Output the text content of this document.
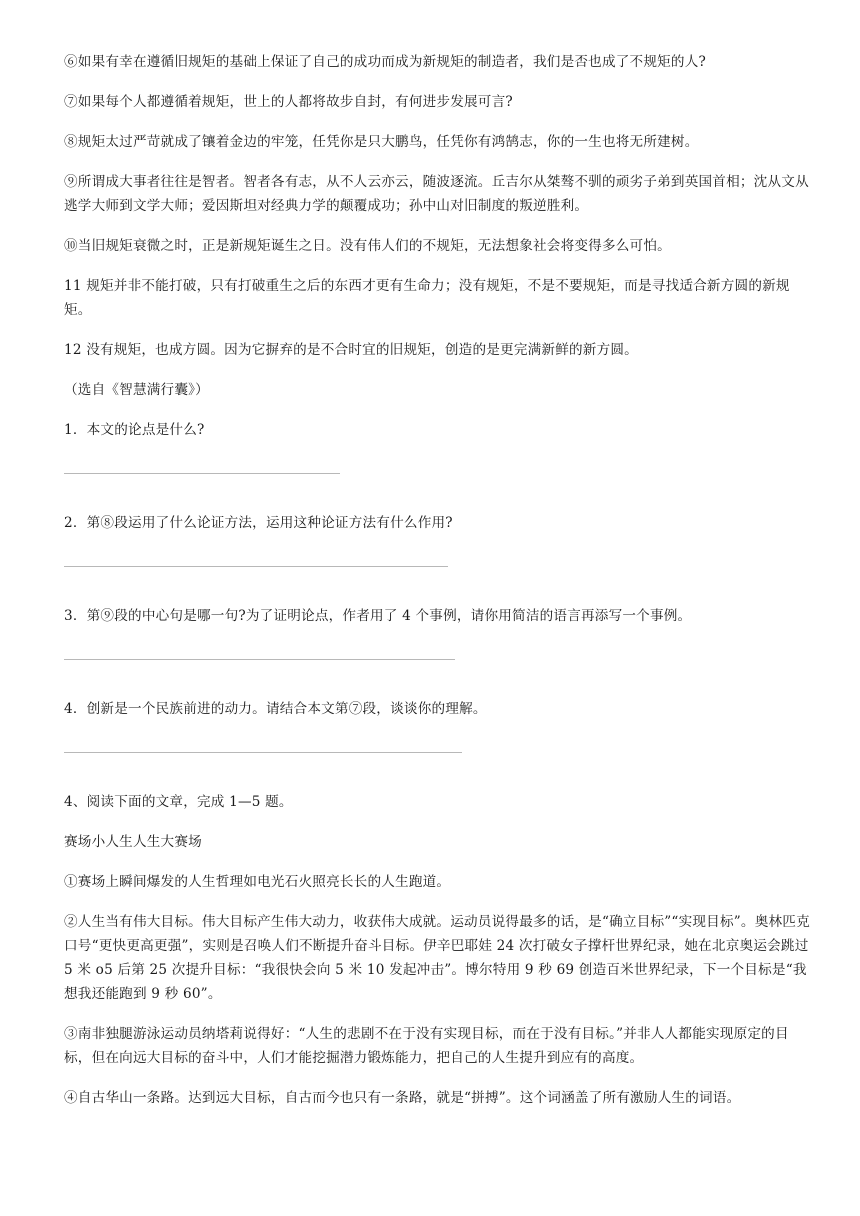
⑥如果有幸在遵循旧规矩的基础上保证了自己的成功而成为新规矩的制造者，我们是否也成了不规矩的人?

⑦如果每个人都遵循着规矩，世上的人都将故步自封，有何进步发展可言?

⑧规矩太过严苛就成了镶着金边的牢笼，任凭你是只大鹏鸟，任凭你有鸿鹄志，你的一生也将无所建树。

⑨所谓成大事者往往是智者。智者各有志，从不人云亦云，随波逐流。丘吉尔从桀骜不驯的顽劣子弟到英国首相；沈从文从逃学大师到文学大师；爱因斯坦对经典力学的颠覆成功；孙中山对旧制度的叛逆胜利。

⑩当旧规矩衰微之时，正是新规矩诞生之日。没有伟人们的不规矩，无法想象社会将变得多么可怕。

11 规矩并非不能打破，只有打破重生之后的东西才更有生命力；没有规矩，不是不要规矩，而是寻找适合新方圆的新规矩。

12 没有规矩，也成方圆。因为它摒弃的是不合时宜的旧规矩，创造的是更完满新鲜的新方圆。

（选自《智慧满行囊》）

1．本文的论点是什么?

2．第⑧段运用了什么论证方法，运用这种论证方法有什么作用?

3．第⑨段的中心句是哪一句?为了证明论点，作者用了 4 个事例，请你用简洁的语言再添写一个事例。

4．创新是一个民族前进的动力。请结合本文第⑦段，谈谈你的理解。

4、阅读下面的文章，完成 1—5 题。

赛场小人生人生大赛场

①赛场上瞬间爆发的人生哲理如电光石火照亮长长的人生跑道。

②人生当有伟大目标。伟大目标产生伟大动力，收获伟大成就。运动员说得最多的话，是“确立目标”“实现目标”。奥林匹克口号“更快更高更强”，实则是召唤人们不断提升奋斗目标。伊辛巴耶娃 24 次打破女子撑杆世界纪录，她在北京奥运会跳过 5 米 o5 后第 25 次提升目标：“我很快会向 5 米 10 发起冲击”。博尔特用 9 秒 69 创造百米世界纪录，下一个目标是“我想我还能跑到 9 秒 60”。

③南非独腿游泳运动员纳塔莉说得好：“人生的悲剧不在于没有实现目标，而在于没有目标。”并非人人都能实现原定的目标，但在向远大目标的奋斗中，人们才能挖掘潜力锻炼能力，把自己的人生提升到应有的高度。

④自古华山一条路。达到远大目标，自古而今也只有一条路，就是“拼搏”。这个词涵盖了所有激励人生的词语。
